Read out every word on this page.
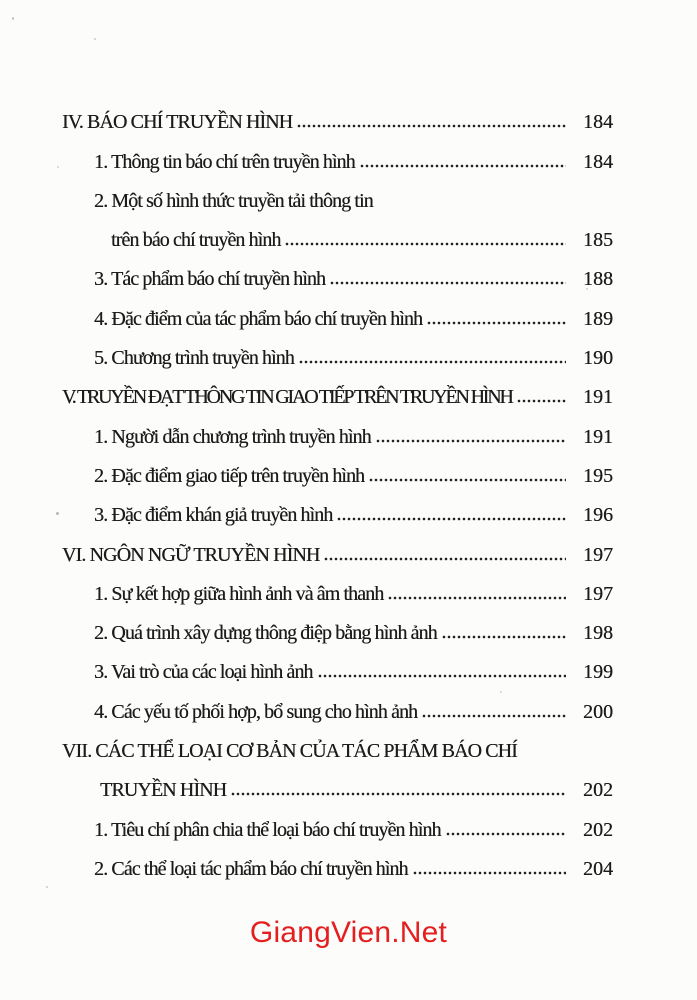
IV. BÁO CHÍ TRUYỀN HÌNH	184
1. Thông tin báo chí trên truyền hình	184
2. Một số hình thức truyền tải thông tin
trên báo chí truyền hình	185
3. Tác phẩm báo chí truyền hình	188
4. Đặc điểm của tác phẩm báo chí truyền hình	189
5. Chương trình truyền hình	190
V. TRUYỀN ĐẠT THÔNG TIN GIAO TIẾP TRÊN TRUYỀN HÌNH	191
1. Người dẫn chương trình truyền hình	191
2. Đặc điểm giao tiếp trên truyền hình	195
3. Đặc điểm khán giả truyền hình	196
VI. NGÔN NGỮ TRUYỀN HÌNH	197
1. Sự kết hợp giữa hình ảnh và âm thanh	197
2. Quá trình xây dựng thông điệp bằng hình ảnh	198
3. Vai trò của các loại hình ảnh	199
4. Các yếu tố phối hợp, bổ sung cho hình ảnh	200
VII. CÁC THỂ LOẠI CƠ BẢN CỦA TÁC PHẨM BÁO CHÍ
TRUYỀN HÌNH	202
1. Tiêu chí phân chia thể loại báo chí truyền hình	202
2. Các thể loại tác phẩm báo chí truyền hình	204
GiangVien.Net
